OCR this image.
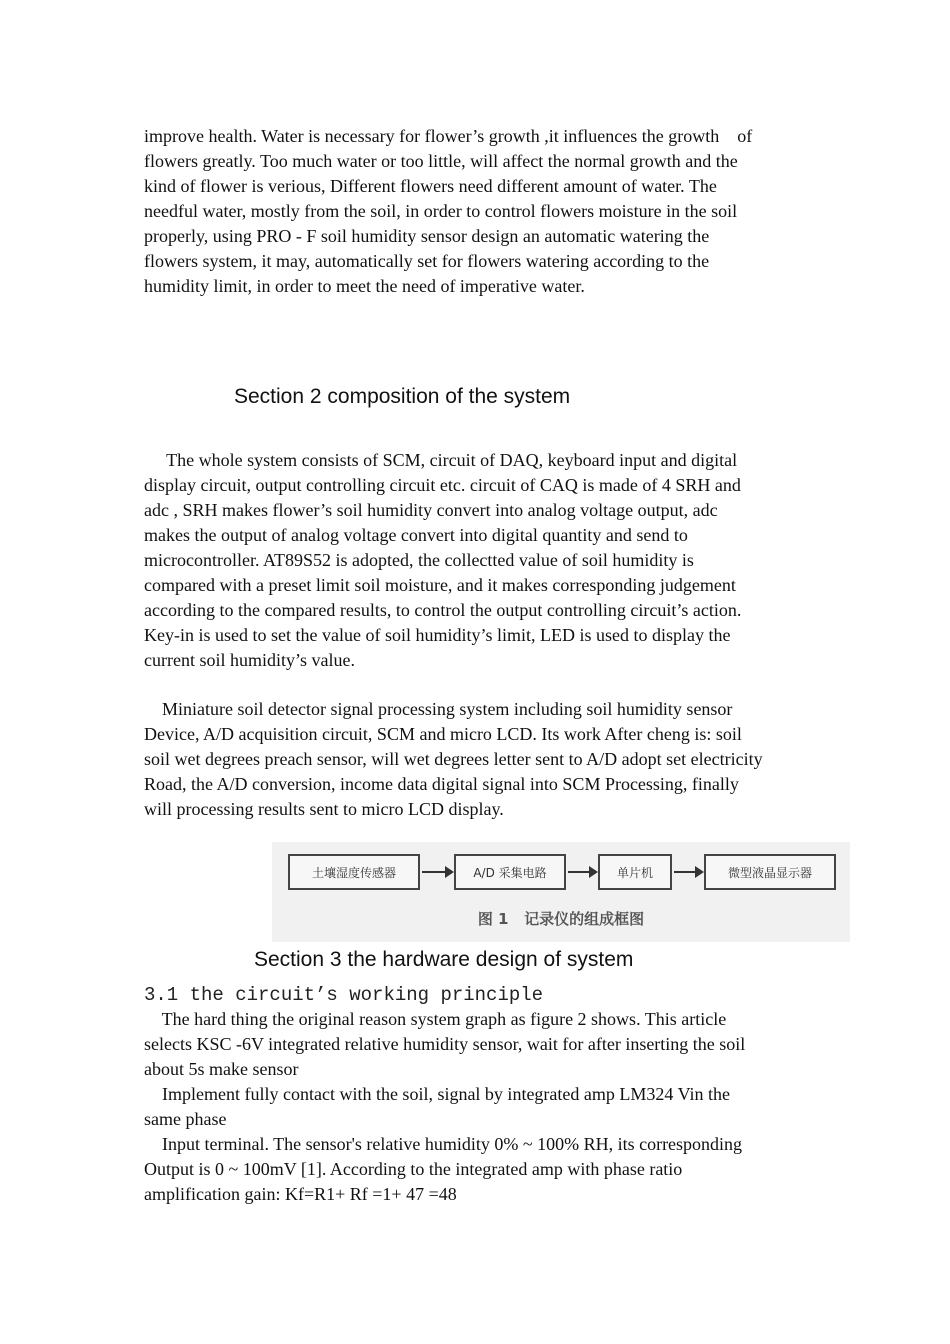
improve health. Water is necessary for flower’s growth ,it influences the growth    of
flowers greatly. Too much water or too little, will affect the normal growth and the
kind of flower is verious, Different flowers need different amount of water. The
needful water, mostly from the soil, in order to control flowers moisture in the soil
properly, using PRO - F soil humidity sensor design an automatic watering the
flowers system, it may, automatically set for flowers watering according to the
humidity limit, in order to meet the need of imperative water.
Section 2 composition of the system
The whole system consists of SCM, circuit of DAQ, keyboard input and digital
display circuit, output controlling circuit etc. circuit of CAQ is made of 4 SRH and
adc , SRH makes flower’s soil humidity convert into analog voltage output, adc
makes the output of analog voltage convert into digital quantity and send to
microcontroller. AT89S52 is adopted, the collectted value of soil humidity is
compared with a preset limit soil moisture, and it makes corresponding judgement
according to the compared results, to control the output controlling circuit’s action.
Key-in is used to set the value of soil humidity’s limit, LED is used to display the
current soil humidity’s value.
Miniature soil detector signal processing system including soil humidity sensor
Device, A/D acquisition circuit, SCM and micro LCD. Its work After cheng is: soil
soil wet degrees preach sensor, will wet degrees letter sent to A/D adopt set electricity
Road, the A/D conversion, income data digital signal into SCM Processing, finally
will processing results sent to micro LCD display.
土壤湿度传感器	A/D 采集电路	单片机	微型液晶显示器
图 1   记录仪的组成框图
Section 3 the hardware design of system
3.1 the circuit’s working principle
The hard thing the original reason system graph as figure 2 shows. This article
selects KSC -6V integrated relative humidity sensor, wait for after inserting the soil
about 5s make sensor
Implement fully contact with the soil, signal by integrated amp LM324 Vin the
same phase
Input terminal. The sensor's relative humidity 0% ~ 100% RH, its corresponding
Output is 0 ~ 100mV [1]. According to the integrated amp with phase ratio
amplification gain: Kf=R1+ Rf =1+ 47 =48
